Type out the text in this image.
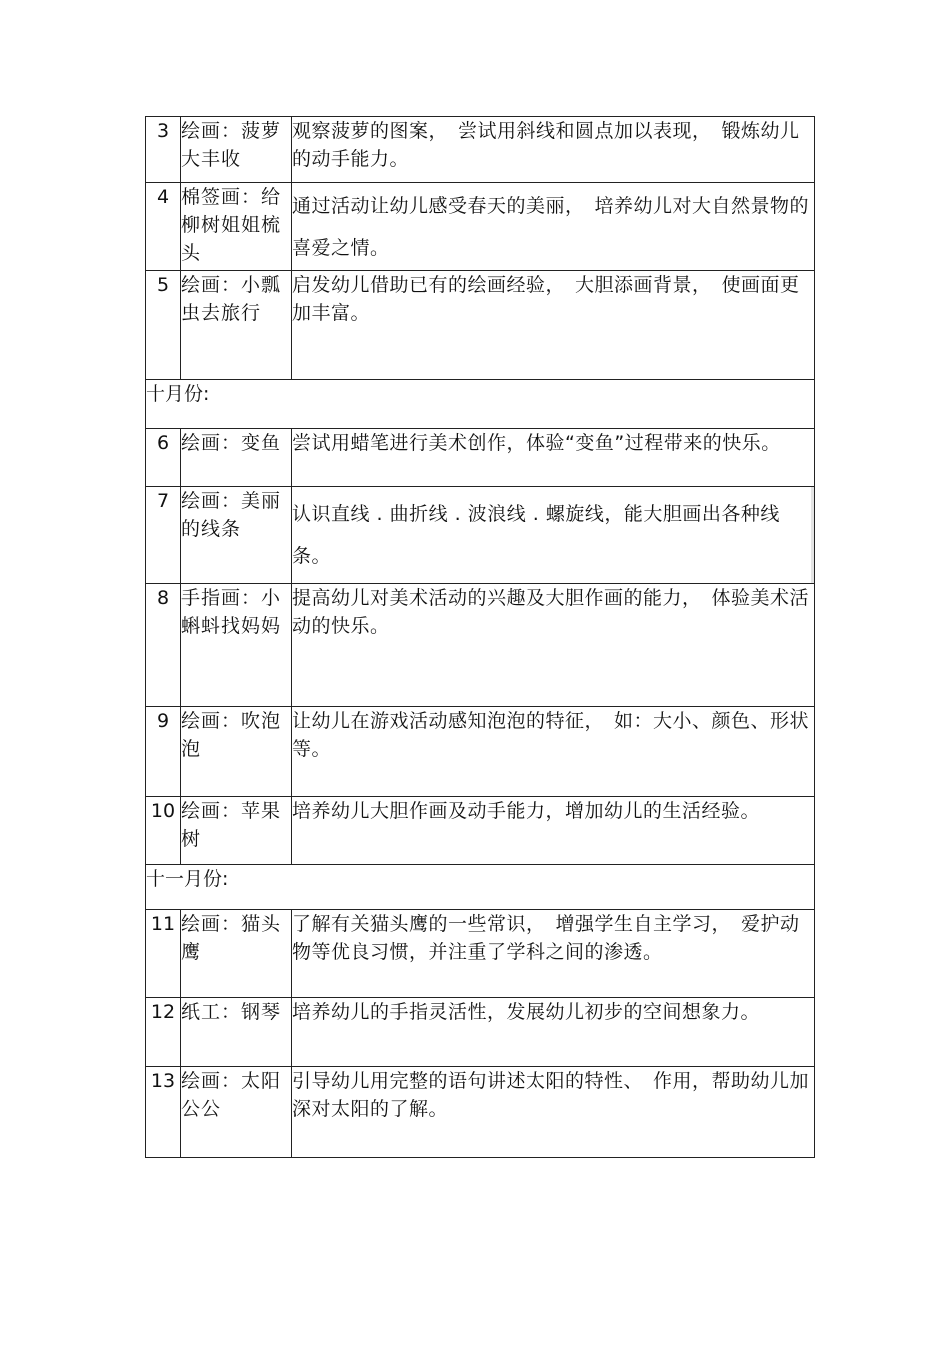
3	绘画：菠萝大丰收	观察菠萝的图案，　尝试用斜线和圆点加以表现，　锻炼幼儿的动手能力。
4	棉签画：给柳树姐姐梳头	通过活动让幼儿感受春天的美丽，　培养幼儿对大自然景物的喜爱之情。
5	绘画：小瓢虫去旅行	启发幼儿借助已有的绘画经验，　大胆添画背景，　使画面更加丰富。
十月份:		
6	绘画：变鱼	尝试用蜡笔进行美术创作，体验“变鱼”过程带来的快乐。
7	绘画：美丽的线条	认识直线 . 曲折线 . 波浪线 . 螺旋线，能大胆画出各种线条。
8	手指画：小蝌蚪找妈妈	提高幼儿对美术活动的兴趣及大胆作画的能力，　体验美术活动的快乐。
9	绘画：吹泡泡	让幼儿在游戏活动感知泡泡的特征，　如：大小、颜色、形状等。
10	绘画：苹果树	培养幼儿大胆作画及动手能力，增加幼儿的生活经验。
十一月份:		
11	绘画：猫头鹰	了解有关猫头鹰的一些常识，　增强学生自主学习，　爱护动物等优良习惯，并注重了学科之间的渗透。
12	纸工：钢琴	培养幼儿的手指灵活性，发展幼儿初步的空间想象力。
13	绘画：太阳公公	引导幼儿用完整的语句讲述太阳的特性、　作用，帮助幼儿加深对太阳的了解。
